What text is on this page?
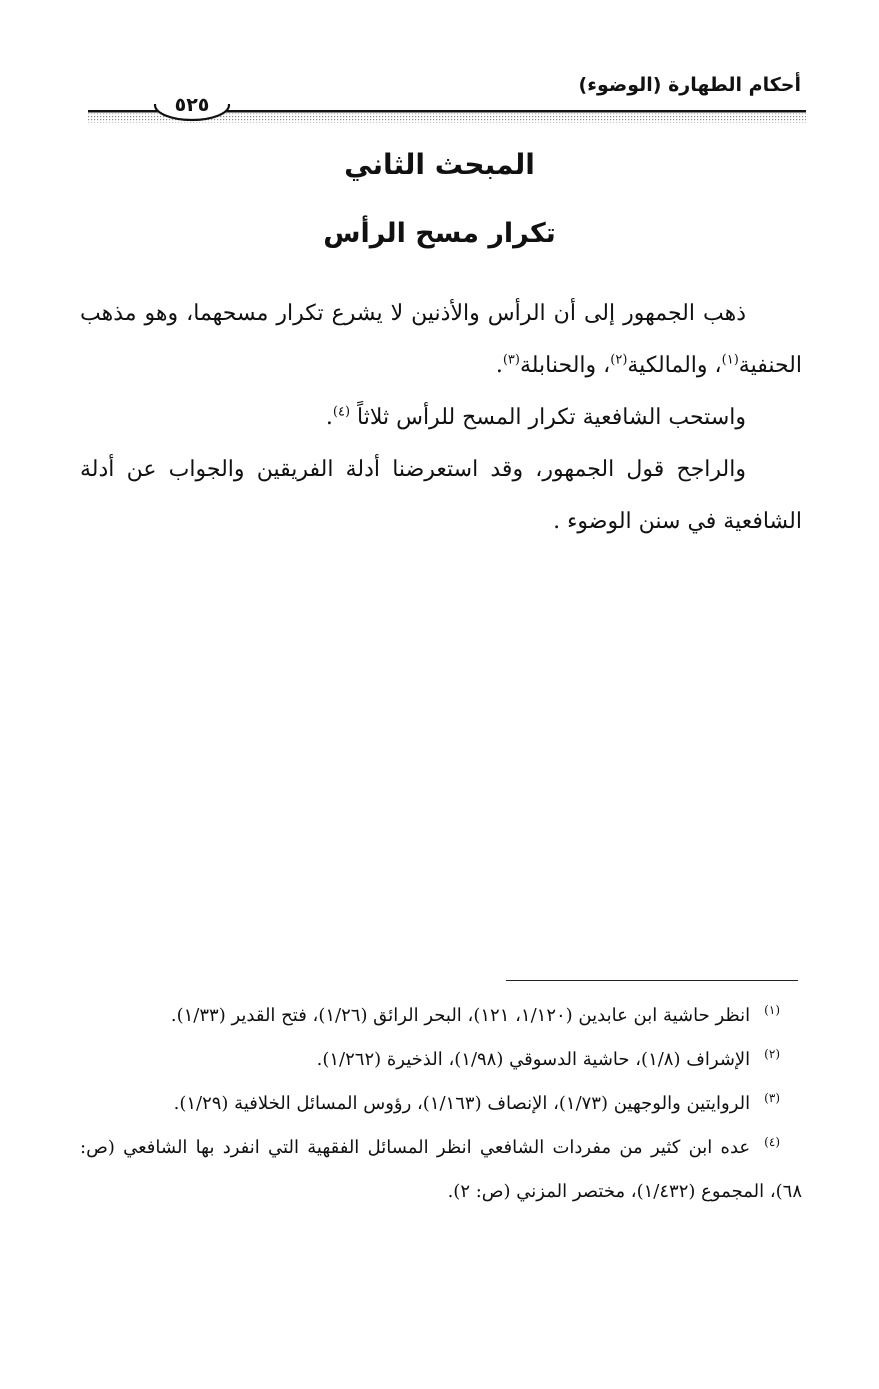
أحكام الطهارة (الوضوء)
٥٢٥
المبحث الثاني
تكرار مسح الرأس

ذهب الجمهور إلى أن الرأس والأذنين لا يشرع تكرار مسحهما، وهو مذهب الحنفية$^{(١)}$، والمالكية$^{(٢)}$، والحنابلة$^{(٣)}$.

واستحب الشافعية تكرار المسح للرأس ثلاثاً $^{(٤)}$.

والراجح قول الجمهور، وقد استعرضنا أدلة الفريقين والجواب عن أدلة الشافعية في سنن الوضوء .

$^{(١)}$انظر حاشية ابن عابدين (١/١٢٠، ١٢١)، البحر الرائق (١/٢٦)، فتح القدير (١/٣٣).

$^{(٢)}$الإشراف (١/٨)، حاشية الدسوقي (١/٩٨)، الذخيرة (١/٢٦٢).

$^{(٣)}$الروايتين والوجهين (١/٧٣)، الإنصاف (١/١٦٣)، رؤوس المسائل الخلافية (١/٢٩).

$^{(٤)}$عده ابن كثير من مفردات الشافعي انظر المسائل الفقهية التي انفرد بها الشافعي (ص: ٦٨)، المجموع (١/٤٣٢)، مختصر المزني (ص: ٢).
